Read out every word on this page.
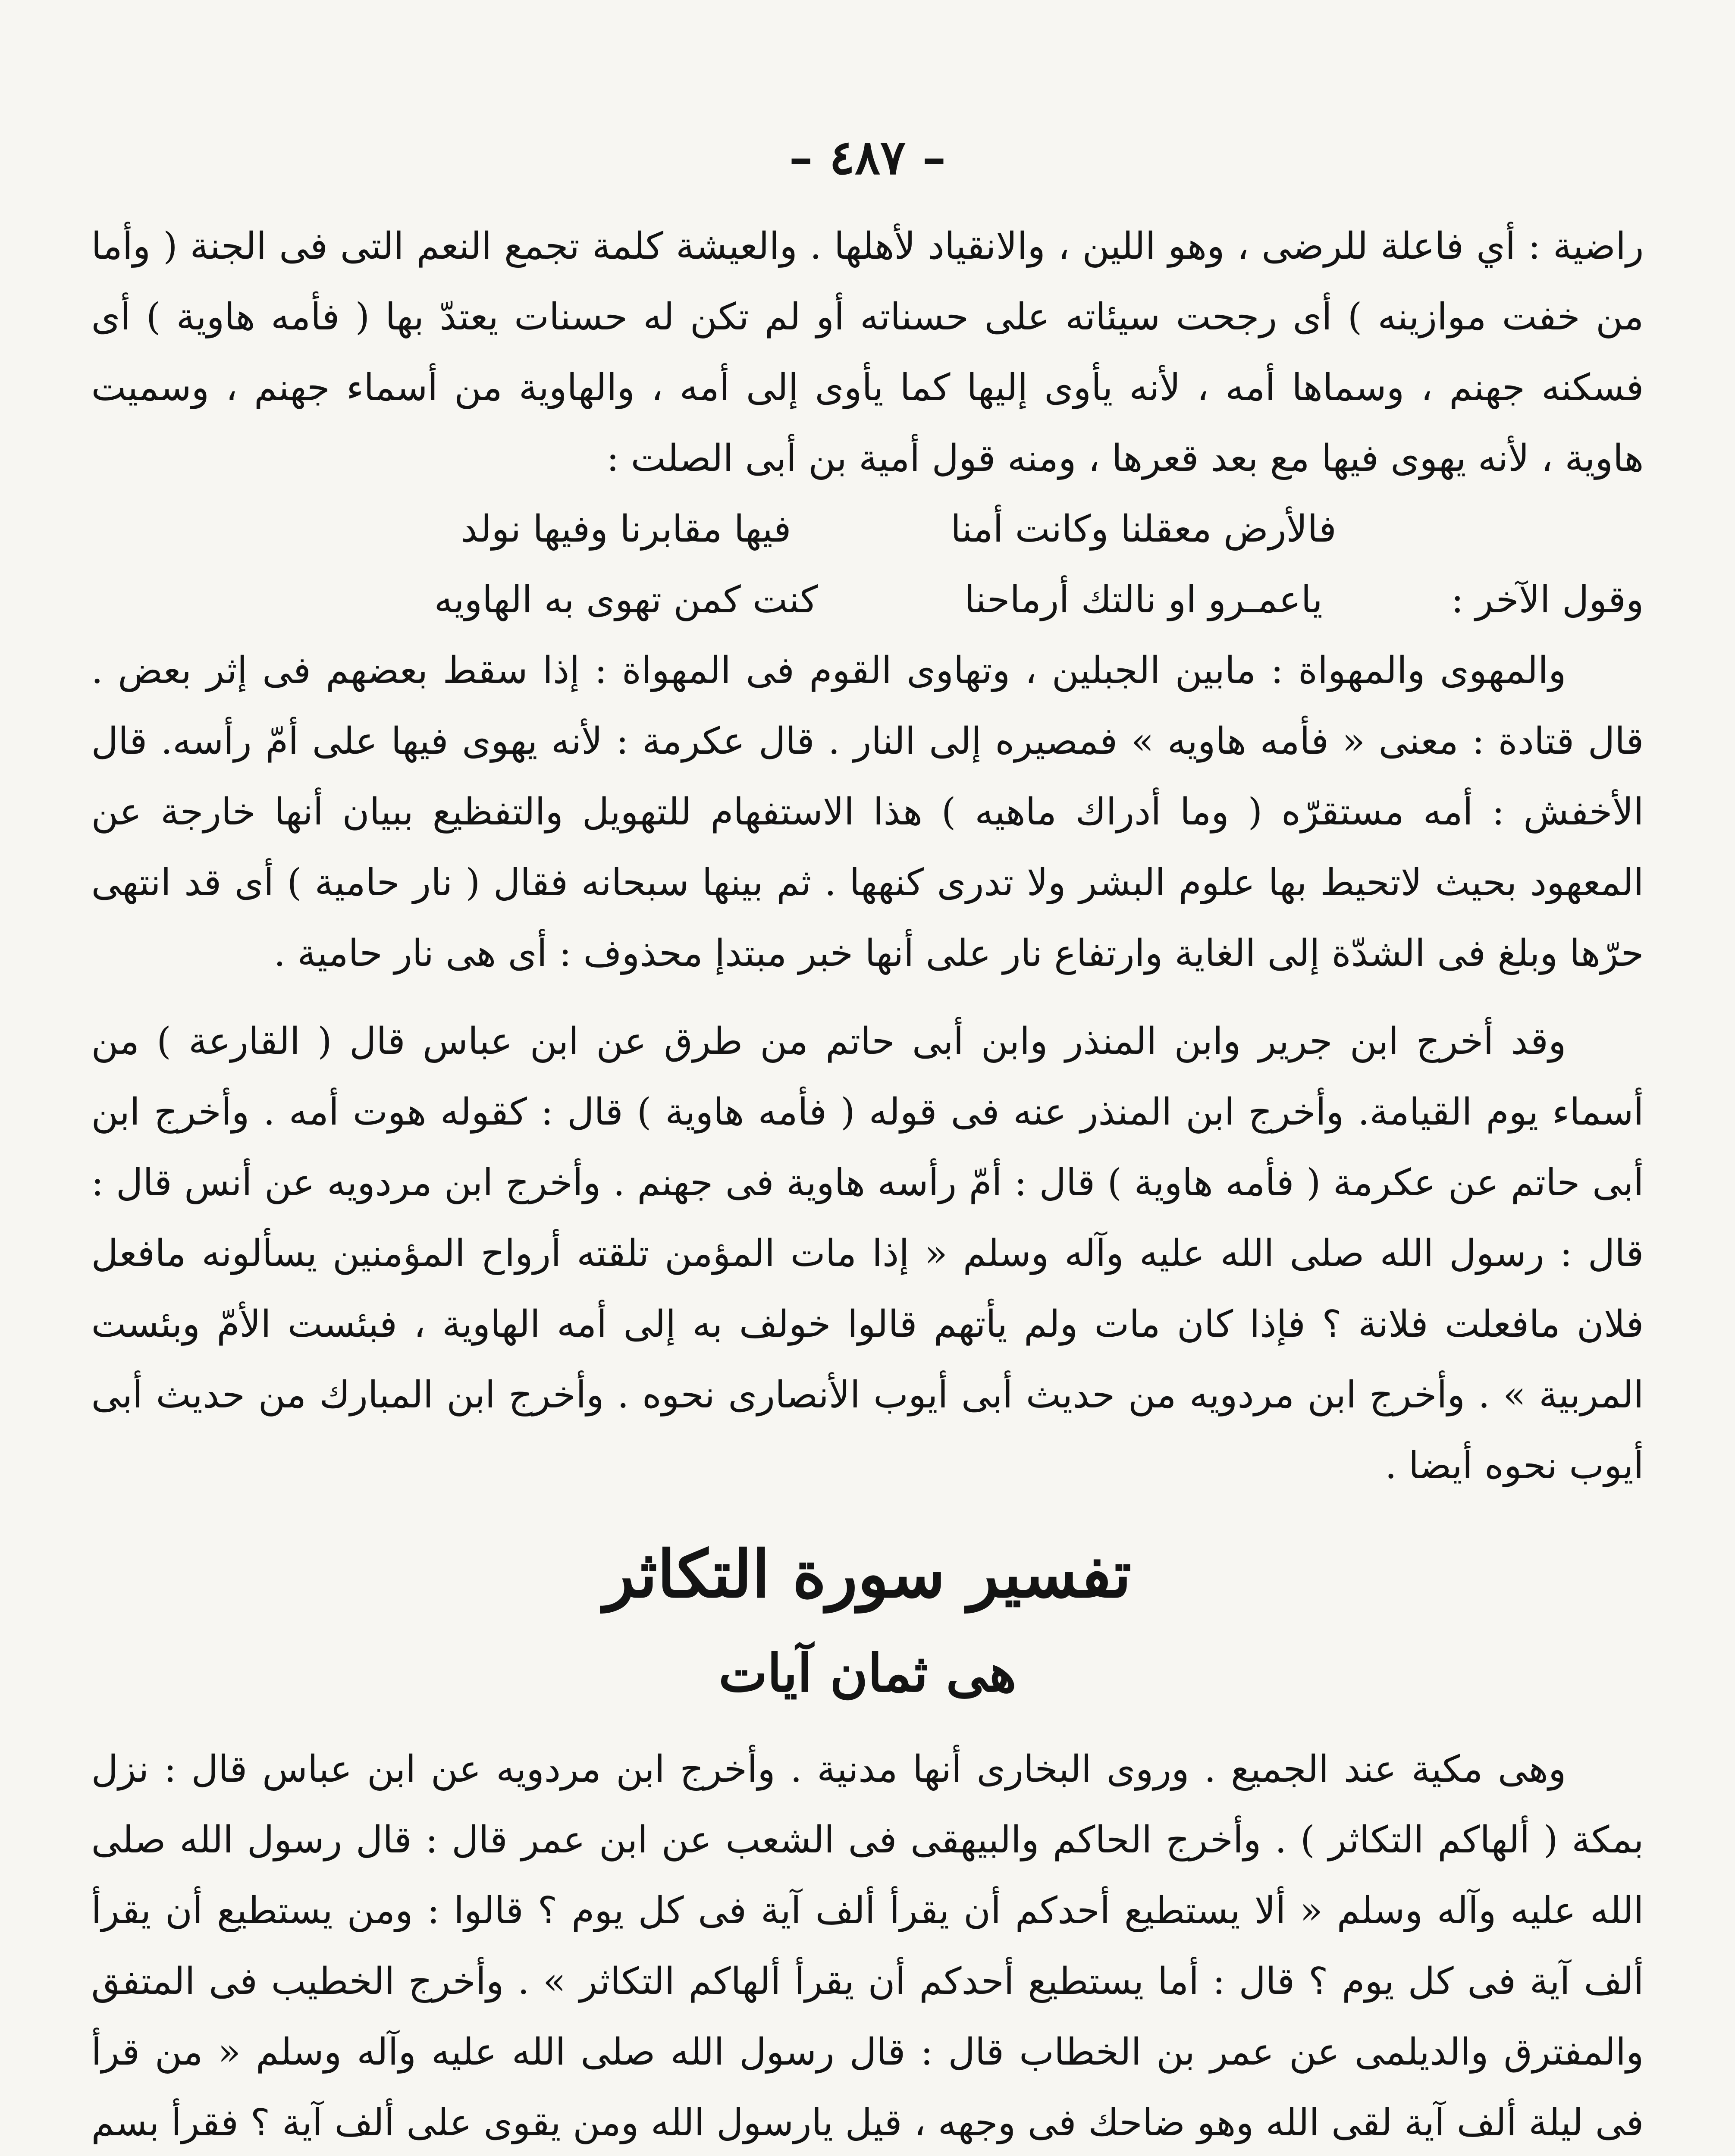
– ٤٨٧ –

راضية : أي فاعلة للرضى ، وهو اللين ، والانقياد لأهلها . والعيشة كلمة تجمع النعم التى فى الجنة ( وأما من خفت موازينه ) أى رجحت سيئاته على حسناته أو لم تكن له حسنات يعتدّ بها ( فأمه هاوية ) أى فسكنه جهنم ، وسماها أمه ، لأنه يأوى إليها كما يأوى إلى أمه ، والهاوية من أسماء جهنم ، وسميت هاوية ، لأنه يهوى فيها مع بعد قعرها ، ومنه قول أمية بن أبى الصلت :

فالأرض معقلنا وكانت أمنا
فيها مقابرنا وفيها نولد
وقول الآخر :
ياعمـرو او نالتك أرماحنا
كنت كمن تهوى به الهاويه

والمهوى والمهواة : مابين الجبلين ، وتهاوى القوم فى المهواة : إذا سقط بعضهم فى إثر بعض . قال قتادة : معنى « فأمه هاويه » فمصيره إلى النار . قال عكرمة : لأنه يهوى فيها على أمّ رأسه. قال الأخفش : أمه مستقرّه ( وما أدراك ماهيه ) هذا الاستفهام للتهويل والتفظيع ببيان أنها خارجة عن المعهود بحيث لاتحيط بها علوم البشر ولا تدرى كنهها . ثم بينها سبحانه فقال ( نار حامية ) أى قد انتهى حرّها وبلغ فى الشدّة إلى الغاية وارتفاع نار على أنها خبر مبتدإ محذوف : أى هى نار حامية .

وقد أخرج ابن جرير وابن المنذر وابن أبى حاتم من طرق عن ابن عباس قال ( القارعة ) من أسماء يوم القيامة. وأخرج ابن المنذر عنه فى قوله ( فأمه هاوية ) قال : كقوله هوت أمه . وأخرج ابن أبى حاتم عن عكرمة ( فأمه هاوية ) قال : أمّ رأسه هاوية فى جهنم . وأخرج ابن مردويه عن أنس قال : قال : رسول الله صلى الله عليه وآله وسلم « إذا مات المؤمن تلقته أرواح المؤمنين يسألونه مافعل فلان مافعلت فلانة ؟ فإذا كان مات ولم يأتهم قالوا خولف به إلى أمه الهاوية ، فبئست الأمّ وبئست المربية » . وأخرج ابن مردويه من حديث أبى أيوب الأنصارى نحوه . وأخرج ابن المبارك من حديث أبى أيوب نحوه أيضا .

تفسير سورة التكاثر
هى ثمان آيات

وهى مكية عند الجميع . وروى البخارى أنها مدنية . وأخرج ابن مردويه عن ابن عباس قال : نزل بمكة ( ألهاكم التكاثر ) . وأخرج الحاكم والبيهقى فى الشعب عن ابن عمر قال : قال رسول الله صلى الله عليه وآله وسلم « ألا يستطيع أحدكم أن يقرأ ألف آية فى كل يوم ؟ قالوا : ومن يستطيع أن يقرأ ألف آية فى كل يوم ؟ قال : أما يستطيع أحدكم أن يقرأ ألهاكم التكاثر » . وأخرج الخطيب فى المتفق والمفترق والديلمى عن عمر بن الخطاب قال : قال رسول الله صلى الله عليه وآله وسلم « من قرأ فى ليلة ألف آية لقى الله وهو ضاحك فى وجهه ، قيل يارسول الله ومن يقوى على ألف آية ؟ فقرأ بسم
